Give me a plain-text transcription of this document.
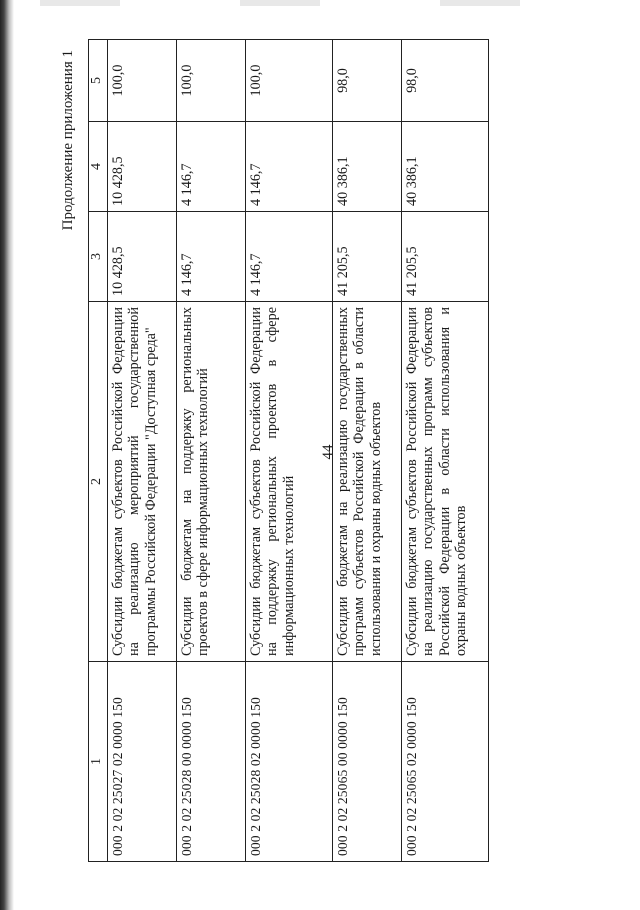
44
Продолжение приложения 1
1	2	3	4	5
000 2 02 25027 02 0000 150	Субсидии бюджетам субъектов Российской Федерации на реализацию мероприятий государственной программы Российской Федерации "Доступная среда"	10 428,5	10 428,5	100,0
000 2 02 25028 00 0000 150	Субсидии бюджетам на поддержку региональных проектов в сфере информационных технологий	4 146,7	4 146,7	100,0
000 2 02 25028 02 0000 150	Субсидии бюджетам субъектов Российской Федерации на поддержку региональных проектов в сфере информационных технологий	4 146,7	4 146,7	100,0
000 2 02 25065 00 0000 150	Субсидии бюджетам на реализацию государственных программ субъектов Российской Федерации в области использования и охраны водных объектов	41 205,5	40 386,1	98,0
000 2 02 25065 02 0000 150	Субсидии бюджетам субъектов Российской Федерации на реализацию государственных программ субъектов Российской Федерации в области использования и охраны водных объектов	41 205,5	40 386,1	98,0
